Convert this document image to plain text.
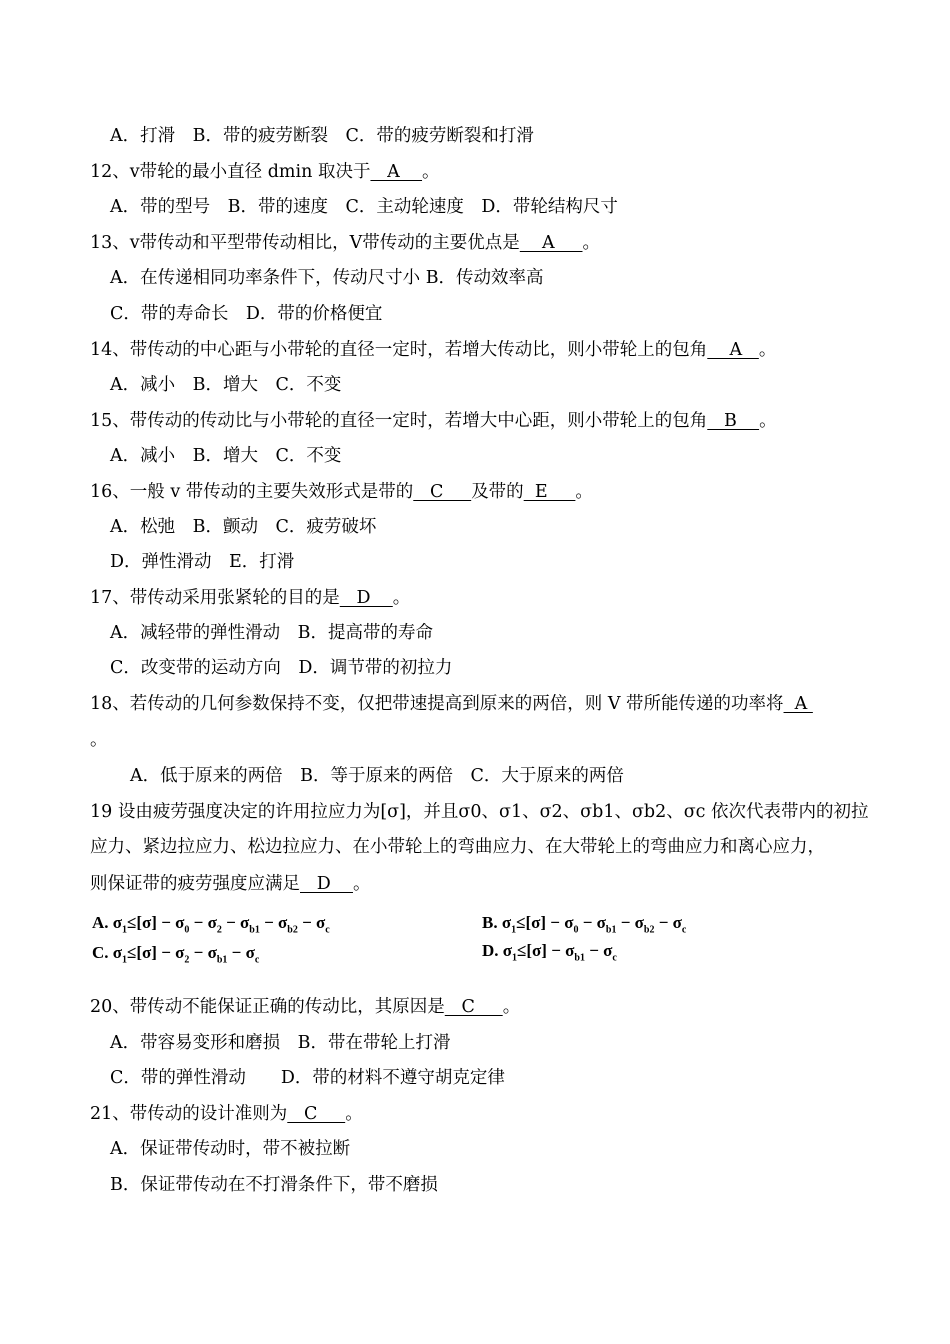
A．打滑　B．带的疲劳断裂　C．带的疲劳断裂和打滑
12、v带轮的最小直径 dmin 取决于   A    。
A．带的型号　B．带的速度　C．主动轮速度　D．带轮结构尺寸
13、v带传动和平型带传动相比，V带传动的主要优点是    A     。
A．在传递相同功率条件下，传动尺寸小 B．传动效率高
C．带的寿命长　D．带的价格便宜
14、带传动的中心距与小带轮的直径一定时，若增大传动比，则小带轮上的包角    A   。
A．减小　B．增大　C．不变
15、带传动的传动比与小带轮的直径一定时，若增大中心距，则小带轮上的包角   B    。
A．减小　B．增大　C．不变
16、一般 v 带传动的主要失效形式是带的   C     及带的  E     。
A．松弛　B．颤动　C．疲劳破坏
D．弹性滑动　E．打滑
17、带传动采用张紧轮的目的是   D    。
A．减轻带的弹性滑动　B．提高带的寿命
C．改变带的运动方向　D．调节带的初拉力
18、若传动的几何参数保持不变，仅把带速提高到原来的两倍，则 V 带所能传递的功率将  A
。
A．低于原来的两倍　B．等于原来的两倍　C．大于原来的两倍
19 设由疲劳强度决定的许用拉应力为[σ]，并且σ0、σ1、σ2、σb1、σb2、σc 依次代表带内的初拉
应力、紧边拉应力、松边拉应力、在小带轮上的弯曲应力、在大带轮上的弯曲应力和离心应力，
则保证带的疲劳强度应满足   D    。
20、带传动不能保证正确的传动比，其原因是   C     。
A．带容易变形和磨损　B．带在带轮上打滑
C．带的弹性滑动　　D．带的材料不遵守胡克定律
21、带传动的设计准则为   C     。
A．保证带传动时，带不被拉断
B．保证带传动在不打滑条件下，带不磨损
A. $\sigma_1\le[\sigma] - \sigma_0 - \sigma_2 - \sigma_{b1} - \sigma_{b2} - \sigma_c$	B. $\sigma_1\le[\sigma] - \sigma_0 - \sigma_{b1} - \sigma_{b2} - \sigma_c$
C. $\sigma_1\le[\sigma] - \sigma_2 - \sigma_{b1} - \sigma_c$	D. $\sigma_1\le[\sigma] - \sigma_{b1} - \sigma_c$
